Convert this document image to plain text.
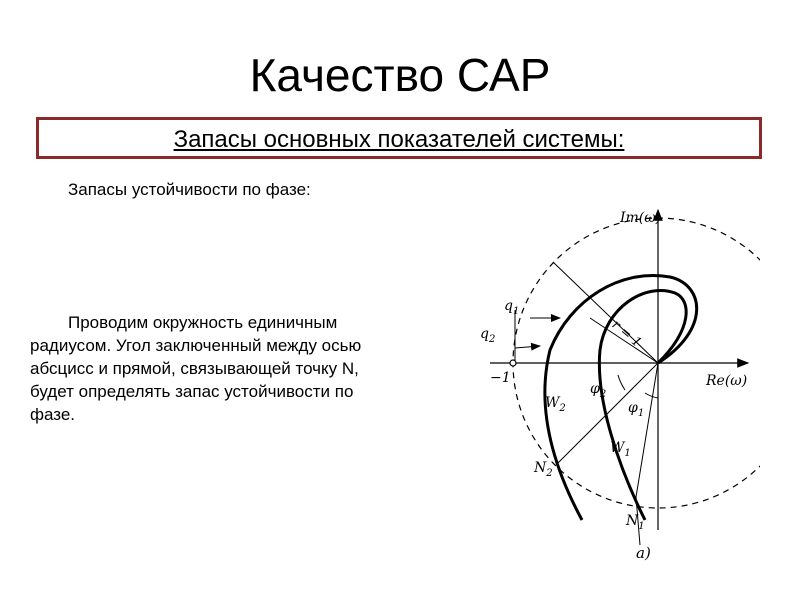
Качество САР
Запасы основных показателей системы:
Запасы устойчивости по фазе:
Проводим окружность единичным радиусом. Угол заключенный между осью абсцисс и прямой, связывающей точку N, будет определять запас устойчивости по фазе.
Im(ω)
Re(ω)
−1
r = 1
$q_1$
$q_2$
$\varphi_2$
$\varphi_1$
$W_2$
$W_1$
$N_2$
$N_1$
a)
